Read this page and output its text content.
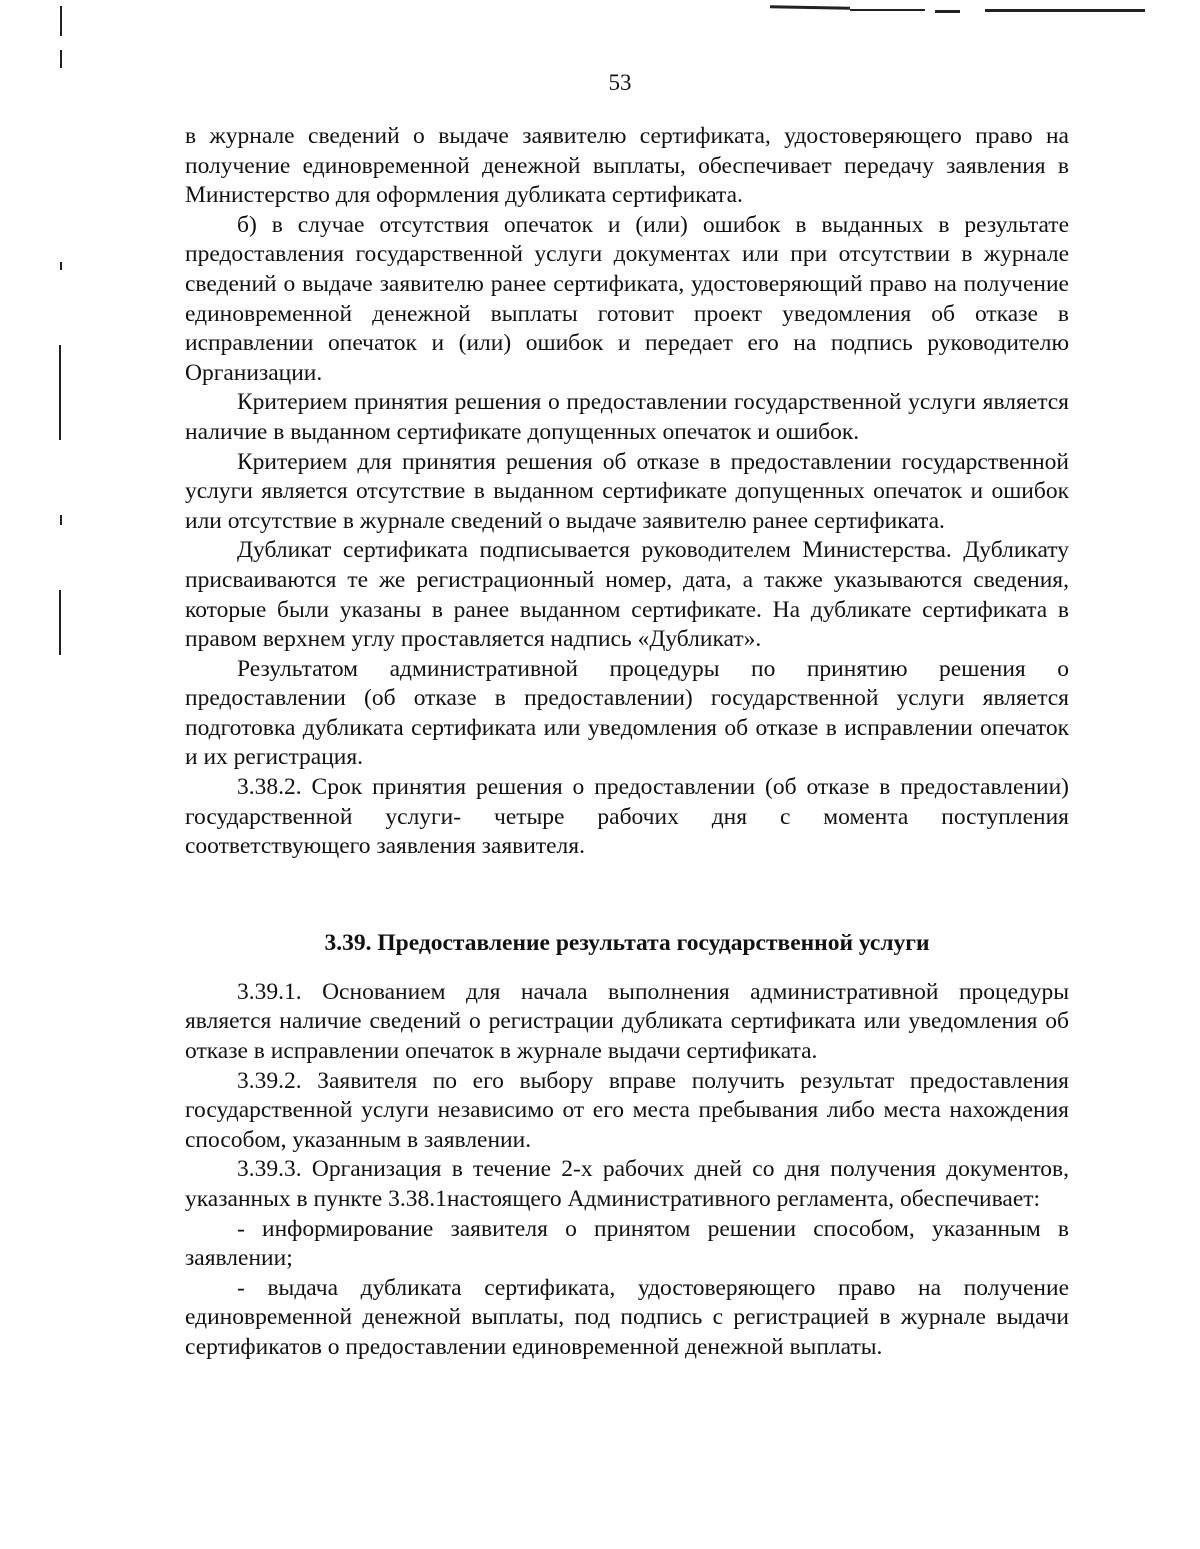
53

в журнале сведений о выдаче заявителю сертификата, удостоверяющего право на получение единовременной денежной выплаты, обеспечивает передачу заявления в Министерство для оформления дубликата сертификата.

б) в случае отсутствия опечаток и (или) ошибок в выданных в результате предоставления государственной услуги документах или при отсутствии в журнале сведений о выдаче заявителю ранее сертификата, удостоверяющий право на получение единовременной денежной выплаты готовит проект уведомления об отказе в исправлении опечаток и (или) ошибок и передает его на подпись руководителю Организации.

Критерием принятия решения о предоставлении государственной услуги является наличие в выданном сертификате допущенных опечаток и ошибок.

Критерием для принятия решения об отказе в предоставлении государственной услуги является отсутствие в выданном сертификате допущенных опечаток и ошибок или отсутствие в журнале сведений о выдаче заявителю ранее сертификата.

Дубликат сертификата подписывается руководителем Министерства. Дубликату присваиваются те же регистрационный номер, дата, а также указываются сведения, которые были указаны в ранее выданном сертификате. На дубликате сертификата в правом верхнем углу проставляется надпись «Дубликат».

Результатом административной процедуры по принятию решения о предоставлении (об отказе в предоставлении) государственной услуги является подготовка дубликата сертификата или уведомления об отказе в исправлении опечаток и их регистрация.

3.38.2. Срок принятия решения о предоставлении (об отказе в предоставлении) государственной услуги- четыре рабочих дня с момента поступления соответствующего заявления заявителя.

3.39. Предоставление результата государственной услуги

3.39.1. Основанием для начала выполнения административной процедуры является наличие сведений о регистрации дубликата сертификата или уведомления об отказе в исправлении опечаток в журнале выдачи сертификата.

3.39.2. Заявителя по его выбору вправе получить результат предоставления государственной услуги независимо от его места пребывания либо места нахождения способом, указанным в заявлении.

3.39.3. Организация в течение 2-х рабочих дней со дня получения документов, указанных в пункте 3.38.1настоящего Административного регламента, обеспечивает:

- информирование заявителя о принятом решении способом, указанным в заявлении;

- выдача дубликата сертификата, удостоверяющего право на получение единовременной денежной выплаты, под подпись с регистрацией в журнале выдачи сертификатов о предоставлении единовременной денежной выплаты.
